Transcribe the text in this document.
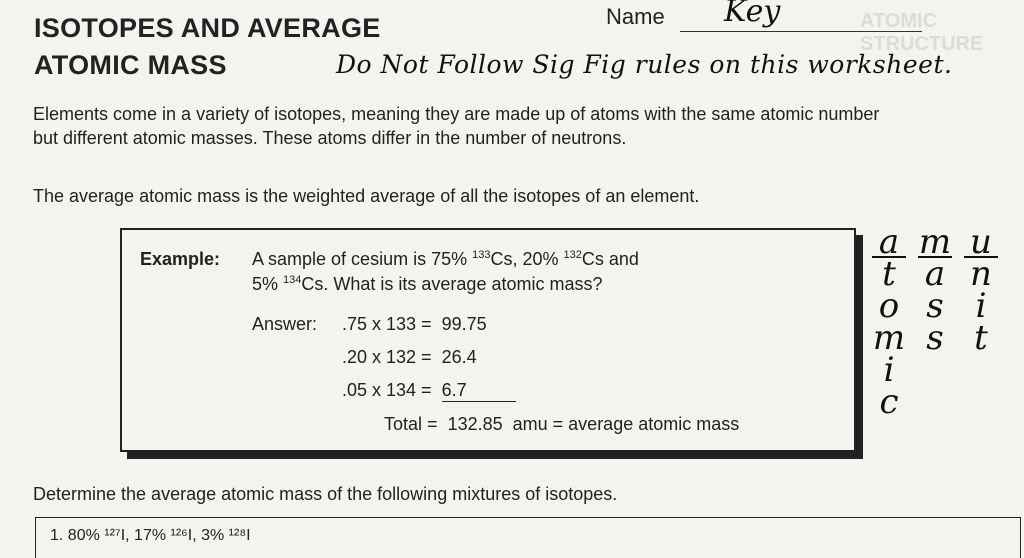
ATOMIC STRUCTURE
ISOTOPES AND AVERAGE
ATOMIC MASS
Name Key
Do Not Follow Sig Fig rules on this worksheet.

Elements come in a variety of isotopes, meaning they are made up of atoms with the same atomic number but different atomic masses. These atoms differ in the number of neutrons.

The average atomic mass is the weighted average of all the isotopes of an element.

Example: A sample of cesium is 75% $^{133}$Cs, 20% $^{132}$Cs and
5% $^{134}$Cs. What is its average atomic mass?
Answer: .75 x 133 = 99.75
.20 x 132 = 26.4
.05 x 134 = 6.7
Total = 132.85 amu = average atomic mass
a
t
o
m
i
c
m
a
s
s
u
n
i
t

Determine the average atomic mass of the following mixtures of isotopes.

1. 80% ¹²⁷I, 17% ¹²⁶I, 3% ¹²⁸I
